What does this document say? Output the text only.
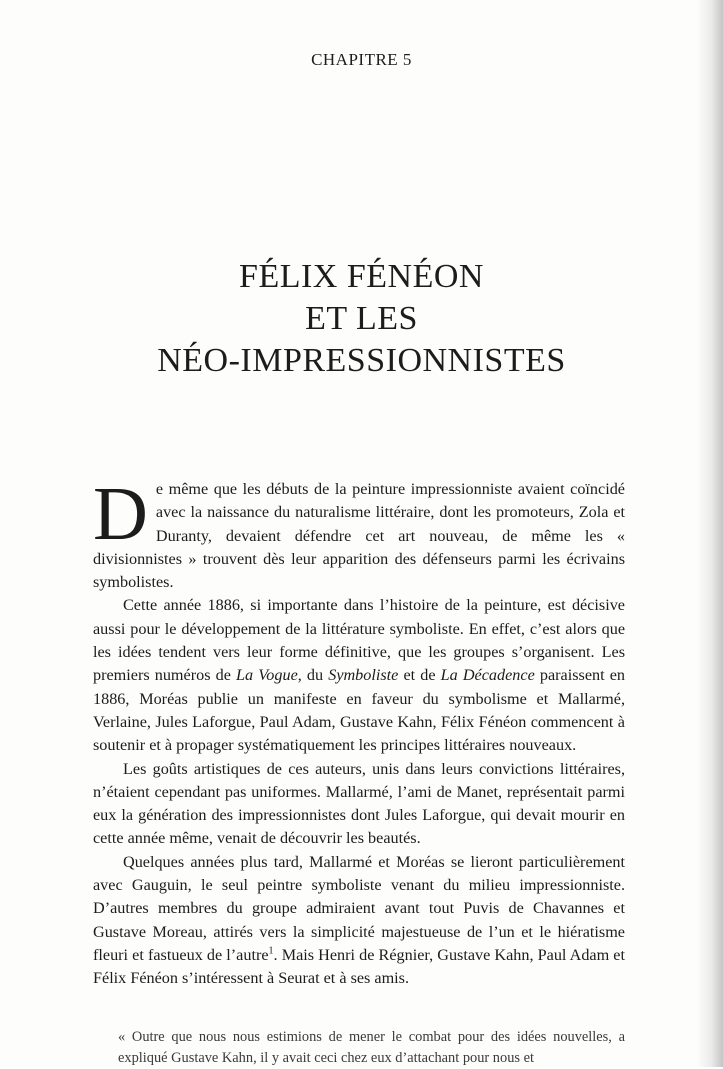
CHAPITRE 5
FÉLIX FÉNÉON
ET LES
NÉO-IMPRESSIONNISTES

De même que les débuts de la peinture impressionniste avaient coïncidé avec la naissance du naturalisme littéraire, dont les promoteurs, Zola et Duranty, devaient défendre cet art nouveau, de même les « divisionnistes » trouvent dès leur apparition des défenseurs parmi les écrivains symbolistes.

Cette année 1886, si importante dans l’histoire de la peinture, est décisive aussi pour le développement de la littérature symboliste. En effet, c’est alors que les idées tendent vers leur forme définitive, que les groupes s’organisent. Les premiers numéros de La Vogue, du Symboliste et de La Décadence paraissent en 1886, Moréas publie un manifeste en faveur du symbolisme et Mallarmé, Verlaine, Jules Laforgue, Paul Adam, Gustave Kahn, Félix Fénéon commencent à soutenir et à propager systématiquement les principes littéraires nouveaux.

Les goûts artistiques de ces auteurs, unis dans leurs convictions littéraires, n’étaient cependant pas uniformes. Mallarmé, l’ami de Manet, représentait parmi eux la génération des impressionnistes dont Jules Laforgue, qui devait mourir en cette année même, venait de découvrir les beautés.

Quelques années plus tard, Mallarmé et Moréas se lieront particulièrement avec Gauguin, le seul peintre symboliste venant du milieu impressionniste. D’autres membres du groupe admiraient avant tout Puvis de Chavannes et Gustave Moreau, attirés vers la simplicité majestueuse de l’un et le hiératisme fleuri et fastueux de l’autre$^1$. Mais Henri de Régnier, Gustave Kahn, Paul Adam et Félix Fénéon s’intéressent à Seurat et à ses amis.

« Outre que nous nous estimions de mener le combat pour des idées nouvelles, a expliqué Gustave Kahn, il y avait ceci chez eux d’attachant pour nous et
